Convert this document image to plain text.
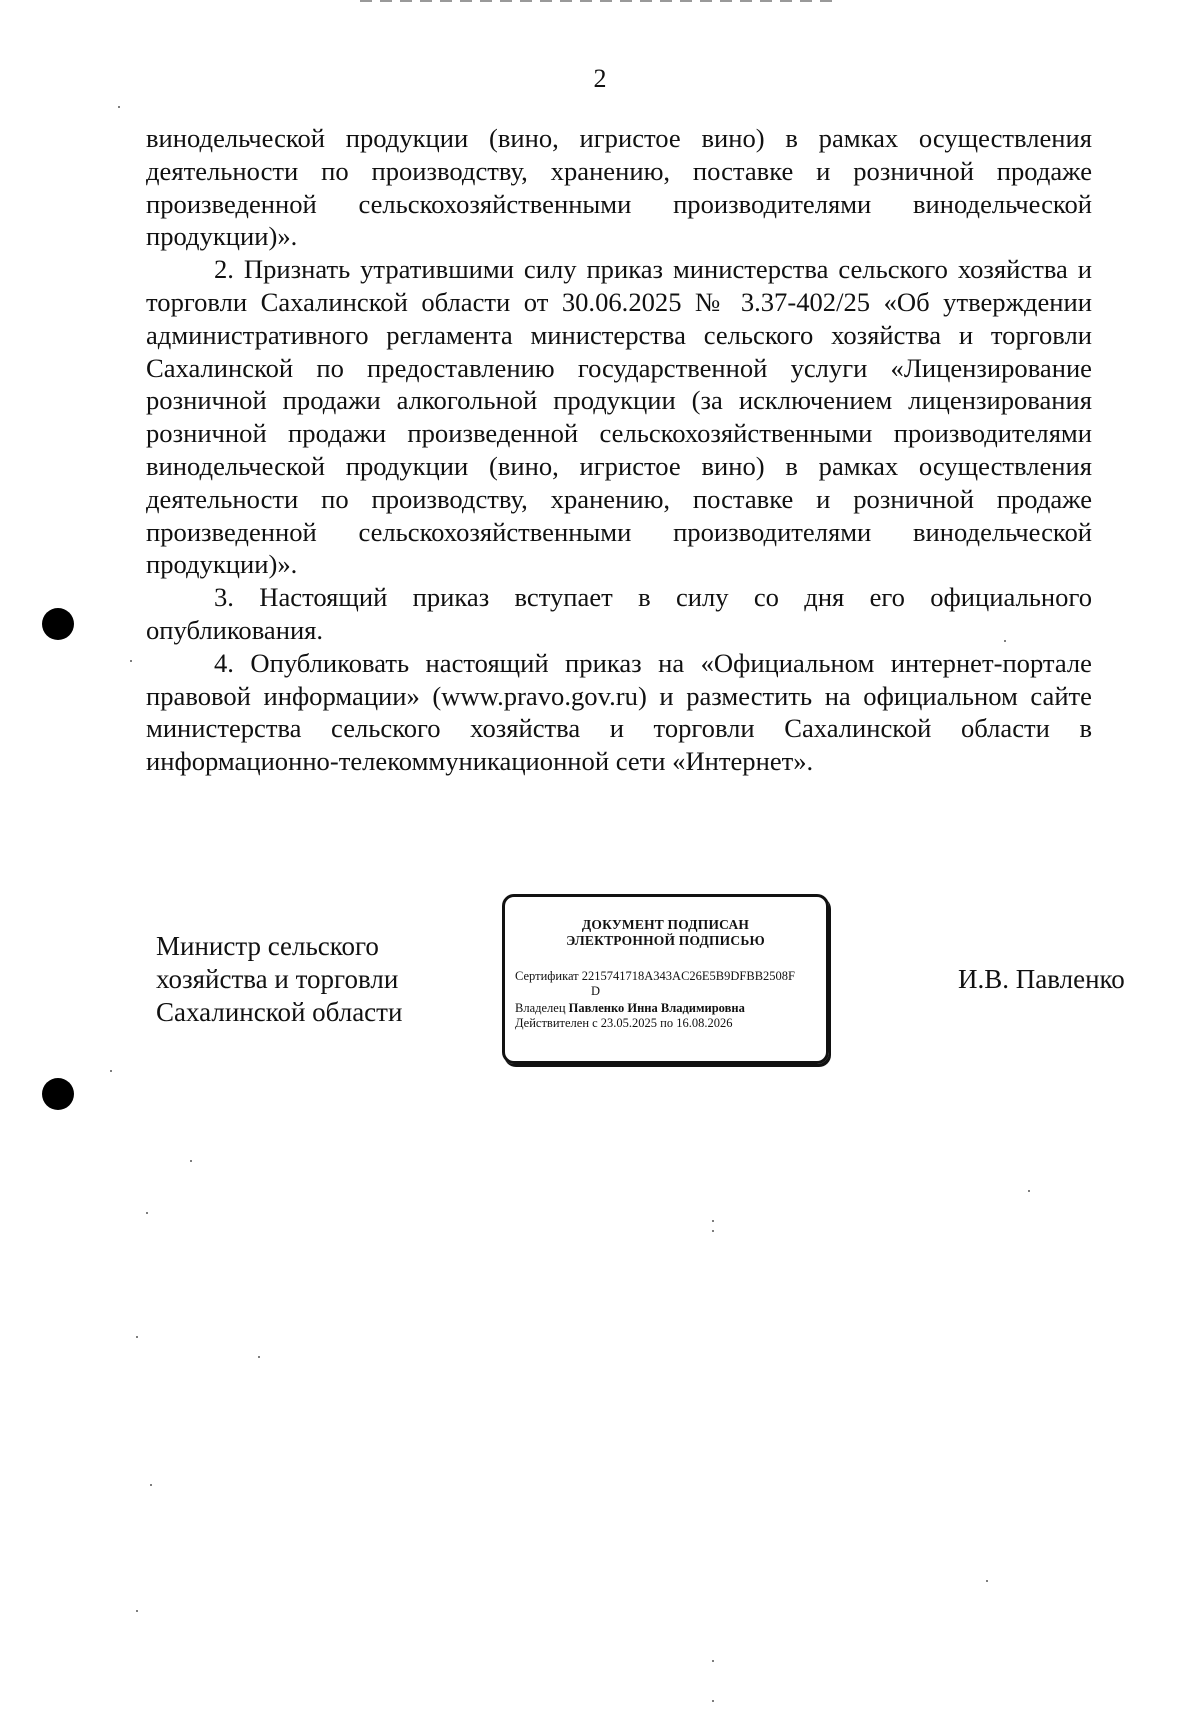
2

винодельческой продукции (вино, игристое вино) в рамках осуществления деятельности по производству, хранению, поставке и розничной продаже произведенной сельскохозяйственными производителями винодельческой продукции)».

2. Признать утратившими силу приказ министерства сельского хозяйства и торговли Сахалинской области от 30.06.2025 № 3.37-402/25 «Об утверждении административного регламента министерства сельского хозяйства и торговли Сахалинской по предоставлению государственной услуги «Лицензирование розничной продажи алкогольной продукции (за исключением лицензирования розничной продажи произведенной сельскохозяйственными производителями винодельческой продукции (вино, игристое вино) в рамках осуществления деятельности по производству, хранению, поставке и розничной продаже произведенной сельскохозяйственными производителями винодельческой продукции)».

3. Настоящий приказ вступает в силу со дня его официального опубликования.

4. Опубликовать настоящий приказ на «Официальном интернет-портале правовой информации» (www.pravo.gov.ru) и разместить на официальном сайте министерства сельского хозяйства и торговли Сахалинской области в информационно-телекоммуникационной сети «Интернет».

Министр сельского
хозяйства и торговли
Сахалинской области
ДОКУМЕНТ ПОДПИСАН
ЭЛЕКТРОННОЙ ПОДПИСЬЮ
Сертификат 2215741718A343AC26E5B9DFBB2508F
D
Владелец Павленко Инна Владимировна
Действителен с 23.05.2025 по 16.08.2026
И.В. Павленко
